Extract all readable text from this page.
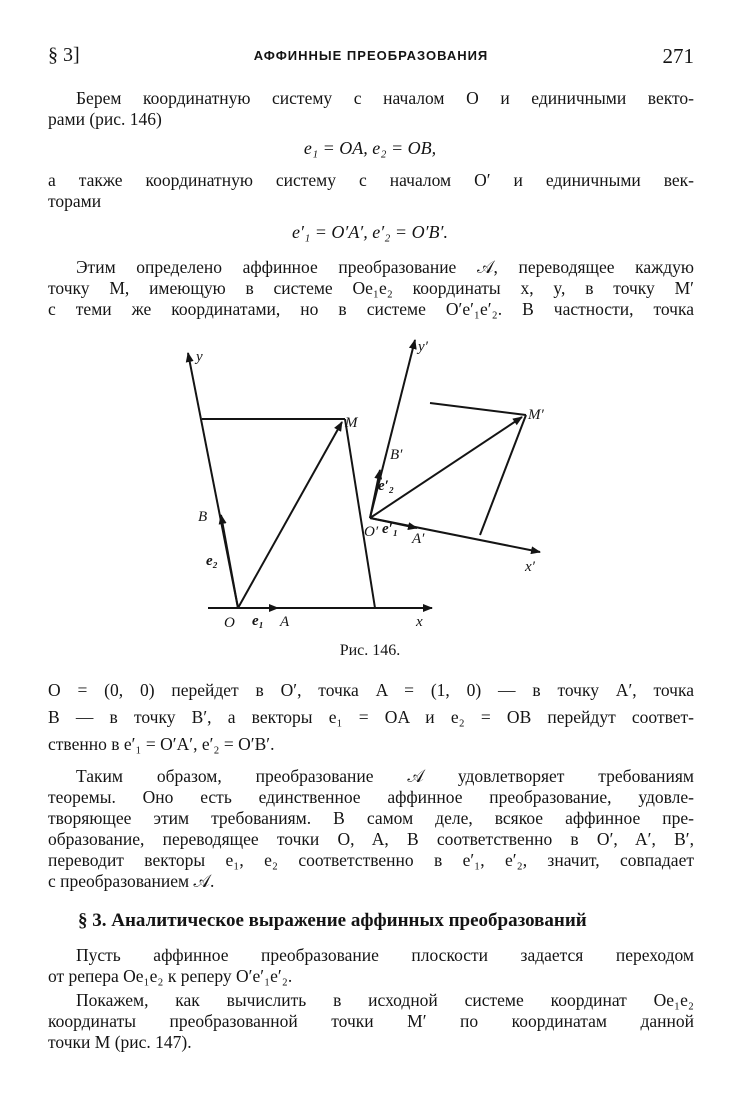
§ 3]	АФФИННЫЕ ПРЕОБРАЗОВАНИЯ	271
Берем координатную систему с началом O и единичными векто-
рами (рис. 146)
e₁ = OA, e₂ = OB,
а также координатную систему с началом O′ и единичными век-
торами
e′₁ = O′A′, e′₂ = O′B′.
Этим определено аффинное преобразование 𝒜, переводящее каждую
точку M, имеющую в системе Oe₁e₂ координаты x, y, в точку M′
с теми же координатами, но в системе O′e′₁e′₂. В частности, точка
y
x
M
B
e₂
O e₁ A
y′
x′
M′
B′
e′₂
O′ e′₁
A′
Рис. 146.
O = (0, 0) перейдет в O′, точка A = (1, 0) — в точку A′, точка
B — в точку B′, а векторы e₁ = OA и e₂ = OB перейдут соответ-
ственно в e′₁ = O′A′, e′₂ = O′B′.
Таким образом, преобразование 𝒜 удовлетворяет требованиям
теоремы. Оно есть единственное аффинное преобразование, удовле-
творяющее этим требованиям. В самом деле, всякое аффинное пре-
образование, переводящее точки O, A, B соответственно в O′, A′, B′,
переводит векторы e₁, e₂ соответственно в e′₁, e′₂, значит, совпадает
с преобразованием 𝒜.
§ 3. Аналитическое выражение аффинных преобразований
Пусть аффинное преобразование плоскости задается переходом
от репера Oe₁e₂ к реперу O′e′₁e′₂.
Покажем, как вычислить в исходной системе координат Oe₁e₂
координаты преобразованной точки M′ по координатам данной
точки M (рис. 147).
